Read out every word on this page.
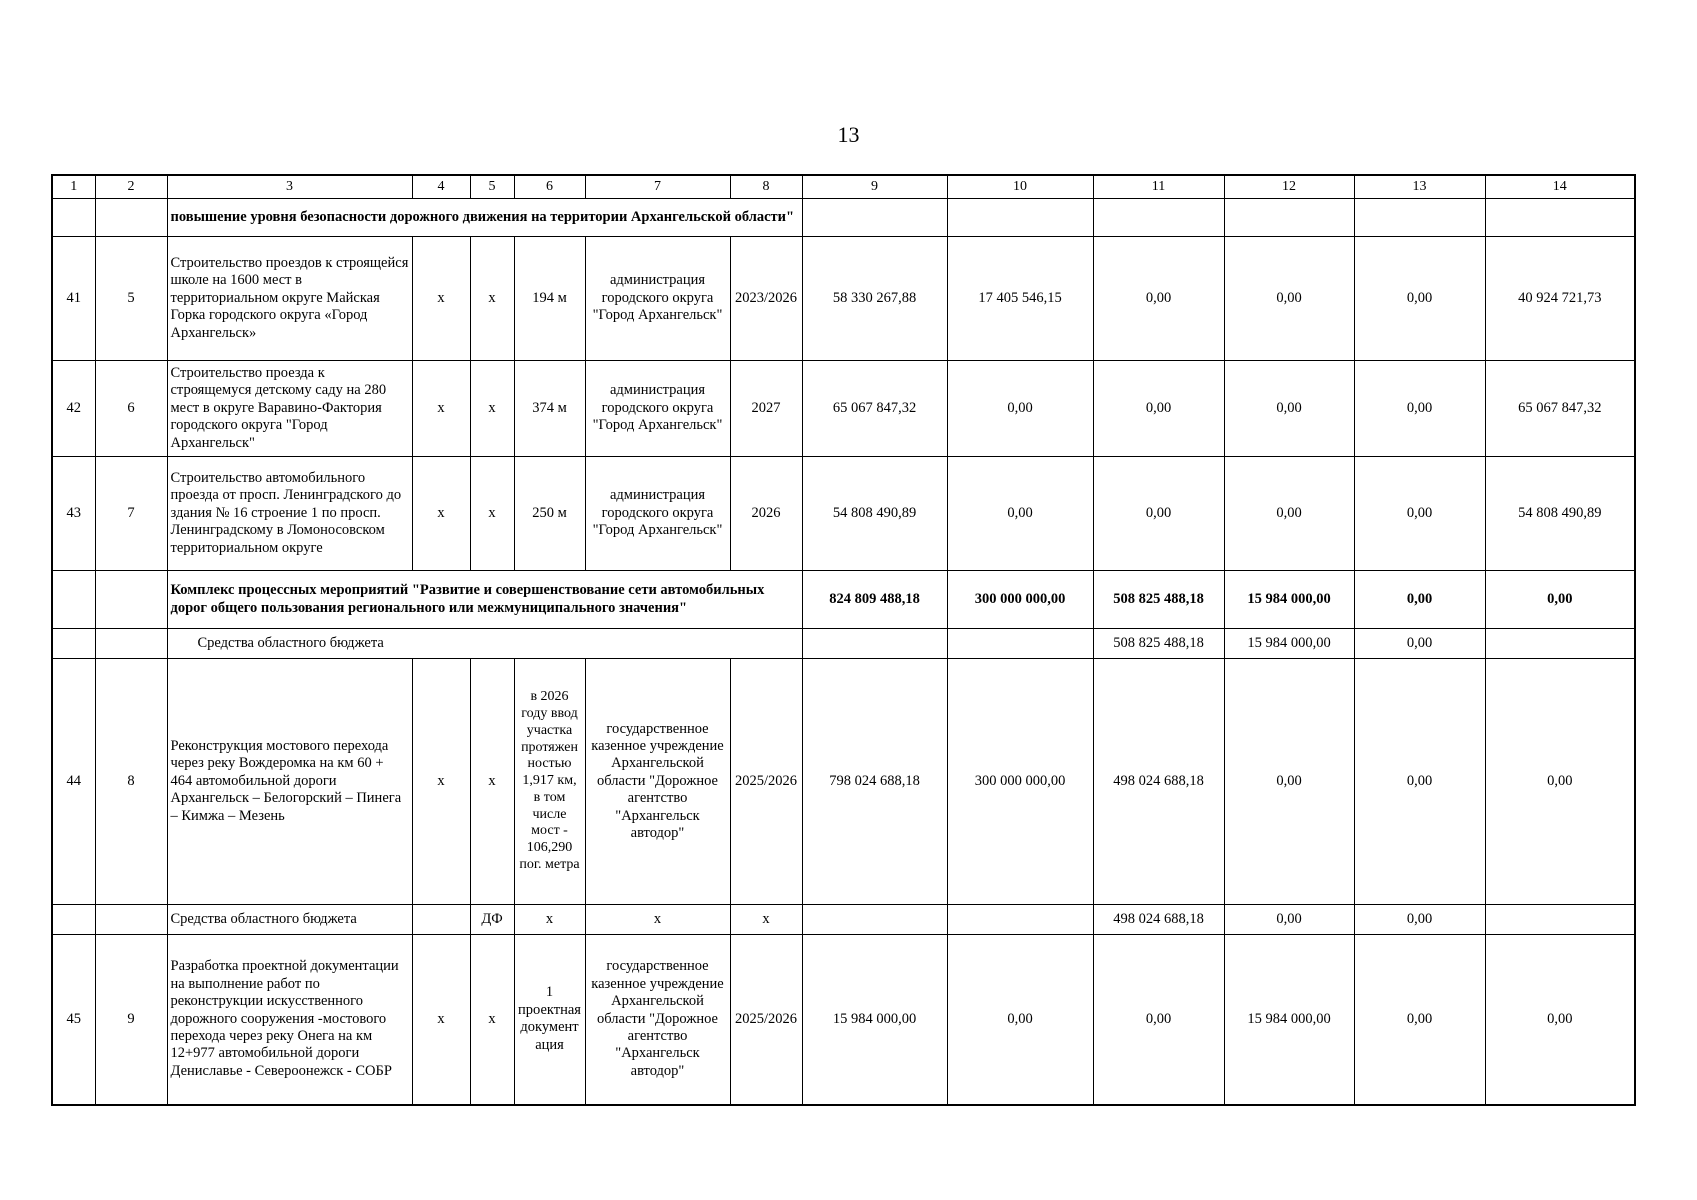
13
1	2	3	4	5	6	7	8	9	10	11	12	13	14
		повышение уровня безопасности дорожного движения на территории Архангельской области"											
41	5	Строительство проездов к строящейся школе на 1600 мест в территориальном округе Майская Горка городского округа «Город Архангельск»	х	х	194 м	администрация городского округа "Город Архангельск"	2023/2026	58 330 267,88	17 405 546,15	0,00	0,00	0,00	40 924 721,73
42	6	Строительство проезда к строящемуся детскому саду на 280 мест в округе Варавино-Фактория городского округа "Город Архангельск"	х	х	374 м	администрация городского округа "Город Архангельск"	2027	65 067 847,32	0,00	0,00	0,00	0,00	65 067 847,32
43	7	Строительство автомобильного проезда от просп. Ленинградского до здания № 16 строение 1 по просп. Ленинградскому в Ломоносовском территориальном округе	х	х	250 м	администрация городского округа "Город Архангельск"	2026	54 808 490,89	0,00	0,00	0,00	0,00	54 808 490,89
		Комплекс процессных мероприятий "Развитие и совершенствование сети автомобильных дорог общего пользования регионального или межмуниципального значения"						824 809 488,18	300 000 000,00	508 825 488,18	15 984 000,00	0,00	0,00
		Средства областного бюджета								508 825 488,18	15 984 000,00	0,00	
44	8	Реконструкция мостового перехода через реку Вождеромка на км 60 + 464 автомобильной дороги Архангельск – Белогорский – Пинега – Кимжа – Мезень	х	х	в 2026 году ввод участка протяженностью 1,917 км, в том числе мост - 106,290 пог. метра	государственное казенное учреждение Архангельской области "Дорожное агентство "Архангельск автодор"	2025/2026	798 024 688,18	300 000 000,00	498 024 688,18	0,00	0,00	0,00
		Средства областного бюджета		ДФ	х	х	х			498 024 688,18	0,00	0,00	
45	9	Разработка проектной документации на выполнение работ по реконструкции искусственного дорожного сооружения -мостового перехода через реку Онега на км 12+977 автомобильной дороги Дениславье - Североонежск - СОБР	х	х	1 проектная документация	государственное казенное учреждение Архангельской области "Дорожное агентство "Архангельск автодор"	2025/2026	15 984 000,00	0,00	0,00	15 984 000,00	0,00	0,00
